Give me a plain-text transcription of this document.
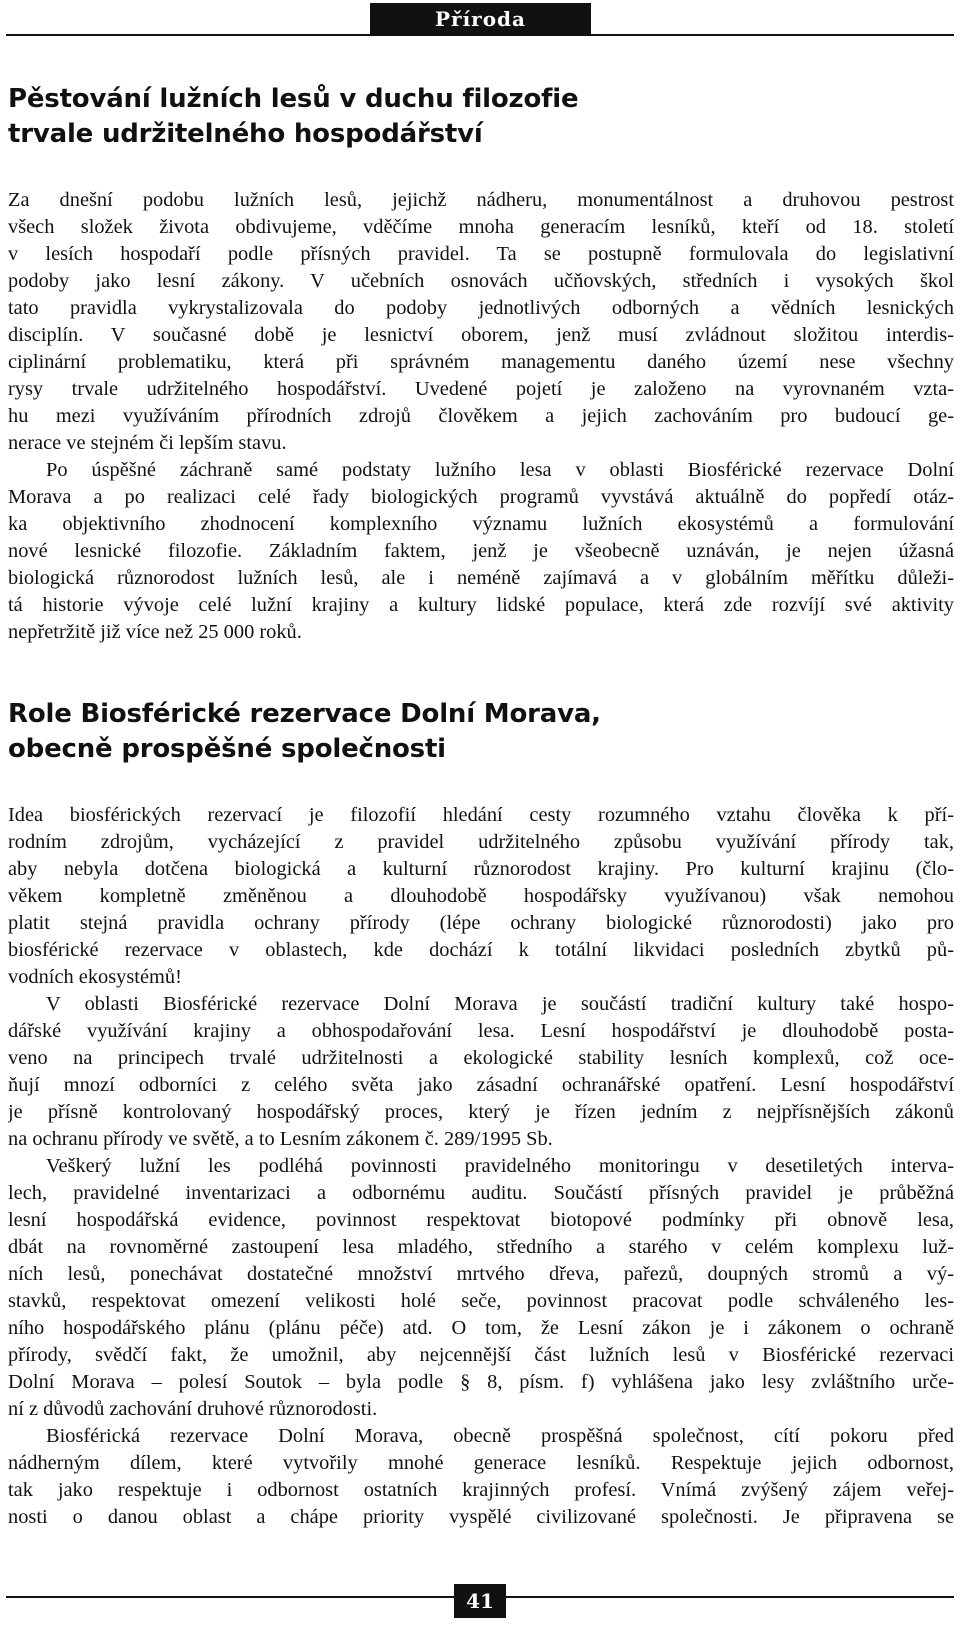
Příroda
Pěstování lužních lesů v duchu filozofie
trvale udržitelného hospodářství
Za dnešní podobu lužních lesů, jejichž nádheru, monumentálnost a druhovou pestrost
všech složek života obdivujeme, vděčíme mnoha generacím lesníků, kteří od 18. století
v lesích hospodaří podle přísných pravidel. Ta se postupně formulovala do legislativní
podoby jako lesní zákony. V učebních osnovách učňovských, středních i vysokých škol
tato pravidla vykrystalizovala do podoby jednotlivých odborných a vědních lesnických
disciplín. V současné době je lesnictví oborem, jenž musí zvládnout složitou interdis-
ciplinární problematiku, která při správném managementu daného území nese všechny
rysy trvale udržitelného hospodářství. Uvedené pojetí je založeno na vyrovnaném vzta-
hu mezi využíváním přírodních zdrojů člověkem a jejich zachováním pro budoucí ge-
nerace ve stejném či lepším stavu.
Po úspěšné záchraně samé podstaty lužního lesa v oblasti Biosférické rezervace Dolní
Morava a po realizaci celé řady biologických programů vyvstává aktuálně do popředí otáz-
ka objektivního zhodnocení komplexního významu lužních ekosystémů a formulování
nové lesnické filozofie. Základním faktem, jenž je všeobecně uznáván, je nejen úžasná
biologická různorodost lužních lesů, ale i neméně zajímavá a v globálním měřítku důleži-
tá historie vývoje celé lužní krajiny a kultury lidské populace, která zde rozvíjí své aktivity
nepřetržitě již více než 25 000 roků.
Role Biosférické rezervace Dolní Morava,
obecně prospěšné společnosti
Idea biosférických rezervací je filozofií hledání cesty rozumného vztahu člověka k pří-
rodním zdrojům, vycházející z pravidel udržitelného způsobu využívání přírody tak,
aby nebyla dotčena biologická a kulturní různorodost krajiny. Pro kulturní krajinu (člo-
věkem kompletně změněnou a dlouhodobě hospodářsky využívanou) však nemohou
platit stejná pravidla ochrany přírody (lépe ochrany biologické různorodosti) jako pro
biosférické rezervace v oblastech, kde dochází k totální likvidaci posledních zbytků pů-
vodních ekosystémů!
V oblasti Biosférické rezervace Dolní Morava je součástí tradiční kultury také hospo-
dářské využívání krajiny a obhospodařování lesa. Lesní hospodářství je dlouhodobě posta-
veno na principech trvalé udržitelnosti a ekologické stability lesních komplexů, což oce-
ňují mnozí odborníci z celého světa jako zásadní ochranářské opatření. Lesní hospodářství
je přísně kontrolovaný hospodářský proces, který je řízen jedním z nejpřísnějších zákonů
na ochranu přírody ve světě, a to Lesním zákonem č. 289/1995 Sb.
Veškerý lužní les podléhá povinnosti pravidelného monitoringu v desetiletých interva-
lech, pravidelné inventarizaci a odbornému auditu. Součástí přísných pravidel je průběžná
lesní hospodářská evidence, povinnost respektovat biotopové podmínky při obnově lesa,
dbát na rovnoměrné zastoupení lesa mladého, středního a starého v celém komplexu luž-
ních lesů, ponechávat dostatečné množství mrtvého dřeva, pařezů, doupných stromů a vý-
stavků, respektovat omezení velikosti holé seče, povinnost pracovat podle schváleného les-
ního hospodářského plánu (plánu péče) atd. O tom, že Lesní zákon je i zákonem o ochraně
přírody, svědčí fakt, že umožnil, aby nejcennější část lužních lesů v Biosférické rezervaci
Dolní Morava – polesí Soutok – byla podle § 8, písm. f) vyhlášena jako lesy zvláštního urče-
ní z důvodů zachování druhové různorodosti.
Biosférická rezervace Dolní Morava, obecně prospěšná společnost, cítí pokoru před
nádherným dílem, které vytvořily mnohé generace lesníků. Respektuje jejich odbornost,
tak jako respektuje i odbornost ostatních krajinných profesí. Vnímá zvýšený zájem veřej-
nosti o danou oblast a chápe priority vyspělé civilizované společnosti. Je připravena se
41
